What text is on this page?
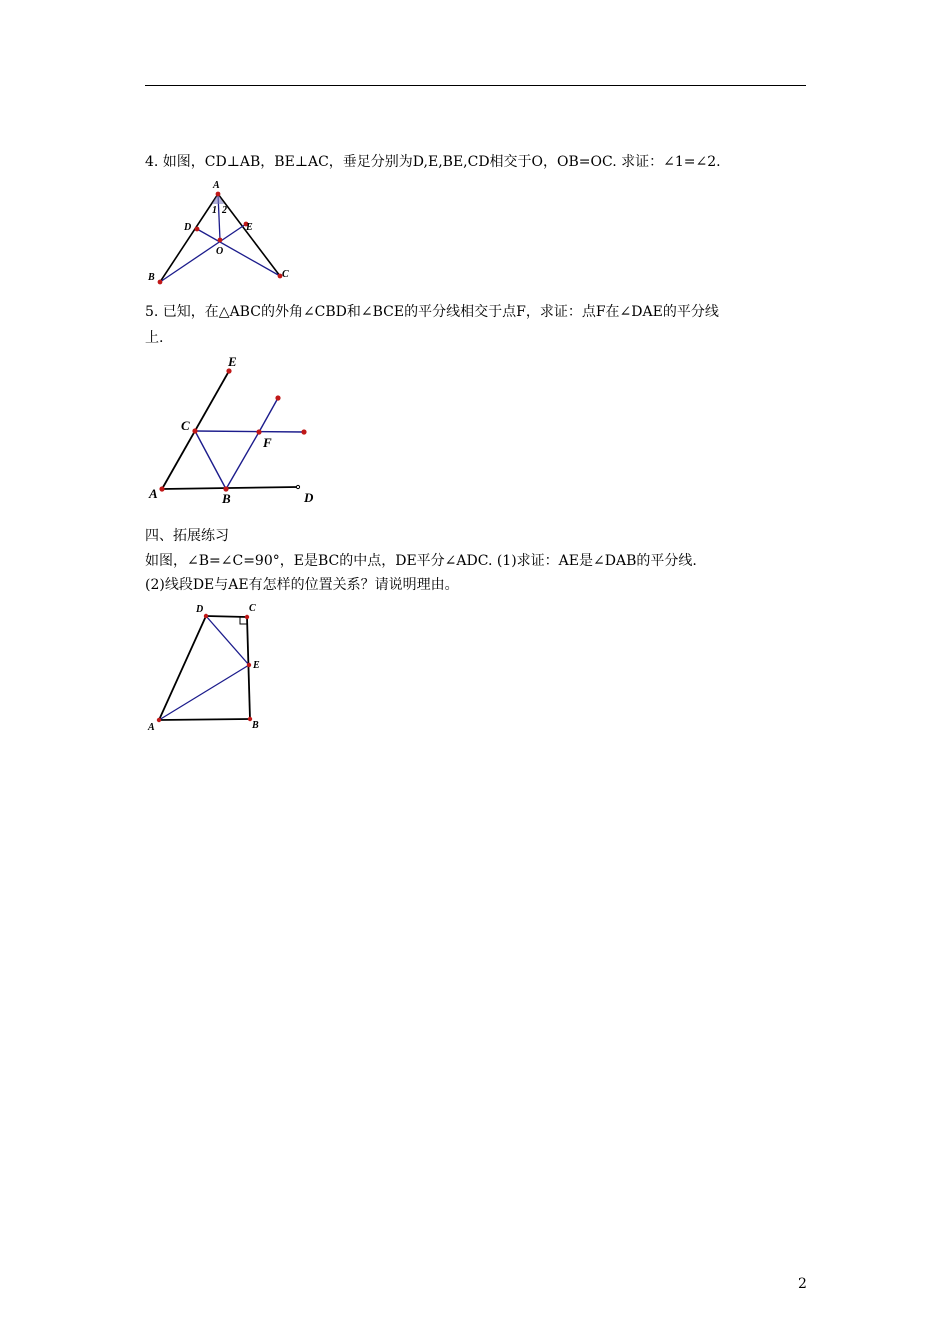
4. 如图，CD⊥AB，BE⊥AC，垂足分别为D,E,BE,CD相交于O，OB=OC. 求证：∠1=∠2.
A
B	C
D	E
O
1 2
5. 已知，在△ABC的外角∠CBD和∠BCE的平分线相交于点F，求证：点F在∠DAE的平分线
上.
A	B
C
D
E
F
四、拓展练习
如图，∠B=∠C=90°，E是BC的中点，DE平分∠ADC. (1)求证：AE是∠DAB的平分线.
(2)线段DE与AE有怎样的位置关系？请说明理由。
D	C
E
A	B
2
